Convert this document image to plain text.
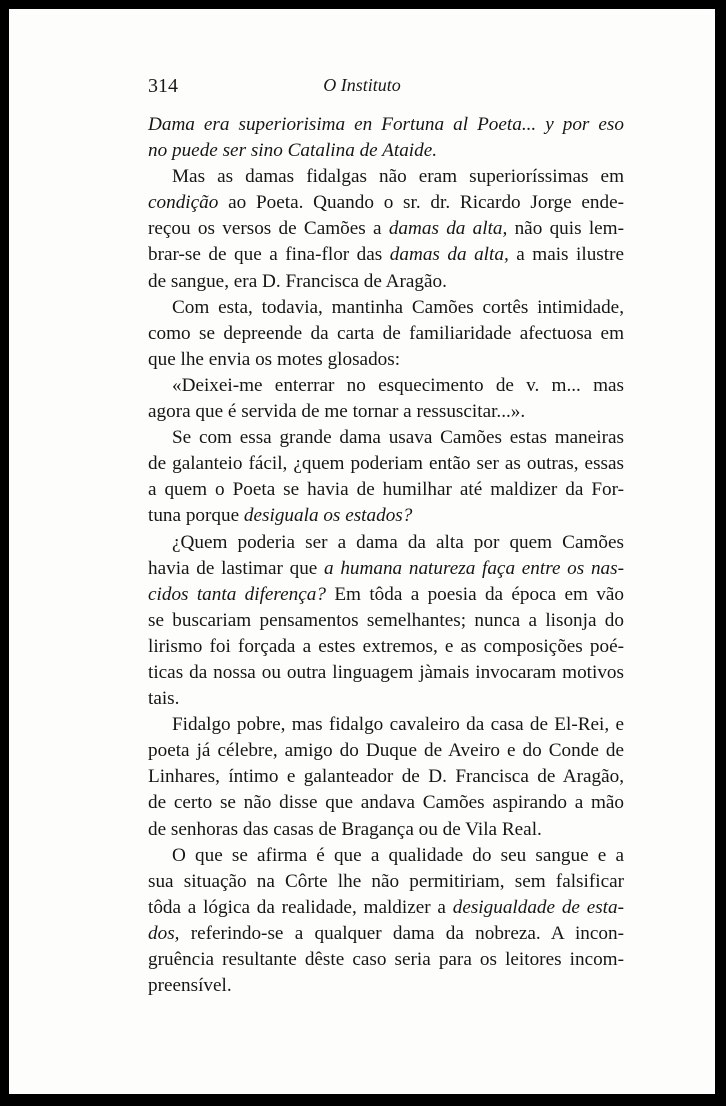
314	O Instituto
Dama era superiorisima en Fortuna al Poeta... y por eso
no puede ser sino Catalina de Ataide.
Mas as damas fidalgas não eram superioríssimas em
condição ao Poeta. Quando o sr. dr. Ricardo Jorge ende-
reçou os versos de Camões a damas da alta, não quis lem-
brar-se de que a fina-flor das damas da alta, a mais ilustre
de sangue, era D. Francisca de Aragão.
Com esta, todavia, mantinha Camões cortês intimidade,
como se depreende da carta de familiaridade afectuosa em
que lhe envia os motes glosados:
«Deixei-me enterrar no esquecimento de v. m... mas
agora que é servida de me tornar a ressuscitar...».
Se com essa grande dama usava Camões estas maneiras
de galanteio fácil, ¿quem poderiam então ser as outras, essas
a quem o Poeta se havia de humilhar até maldizer da For-
tuna porque desiguala os estados?
¿Quem poderia ser a dama da alta por quem Camões
havia de lastimar que a humana natureza faça entre os nas-
cidos tanta diferença? Em tôda a poesia da época em vão
se buscariam pensamentos semelhantes; nunca a lisonja do
lirismo foi forçada a estes extremos, e as composições poé-
ticas da nossa ou outra linguagem jàmais invocaram motivos
tais.
Fidalgo pobre, mas fidalgo cavaleiro da casa de El-Rei, e
poeta já célebre, amigo do Duque de Aveiro e do Conde de
Linhares, íntimo e galanteador de D. Francisca de Aragão,
de certo se não disse que andava Camões aspirando a mão
de senhoras das casas de Bragança ou de Vila Real.
O que se afirma é que a qualidade do seu sangue e a
sua situação na Côrte lhe não permitiriam, sem falsificar
tôda a lógica da realidade, maldizer a desigualdade de esta-
dos, referindo-se a qualquer dama da nobreza. A incon-
gruência resultante dêste caso seria para os leitores incom-
preensível.
